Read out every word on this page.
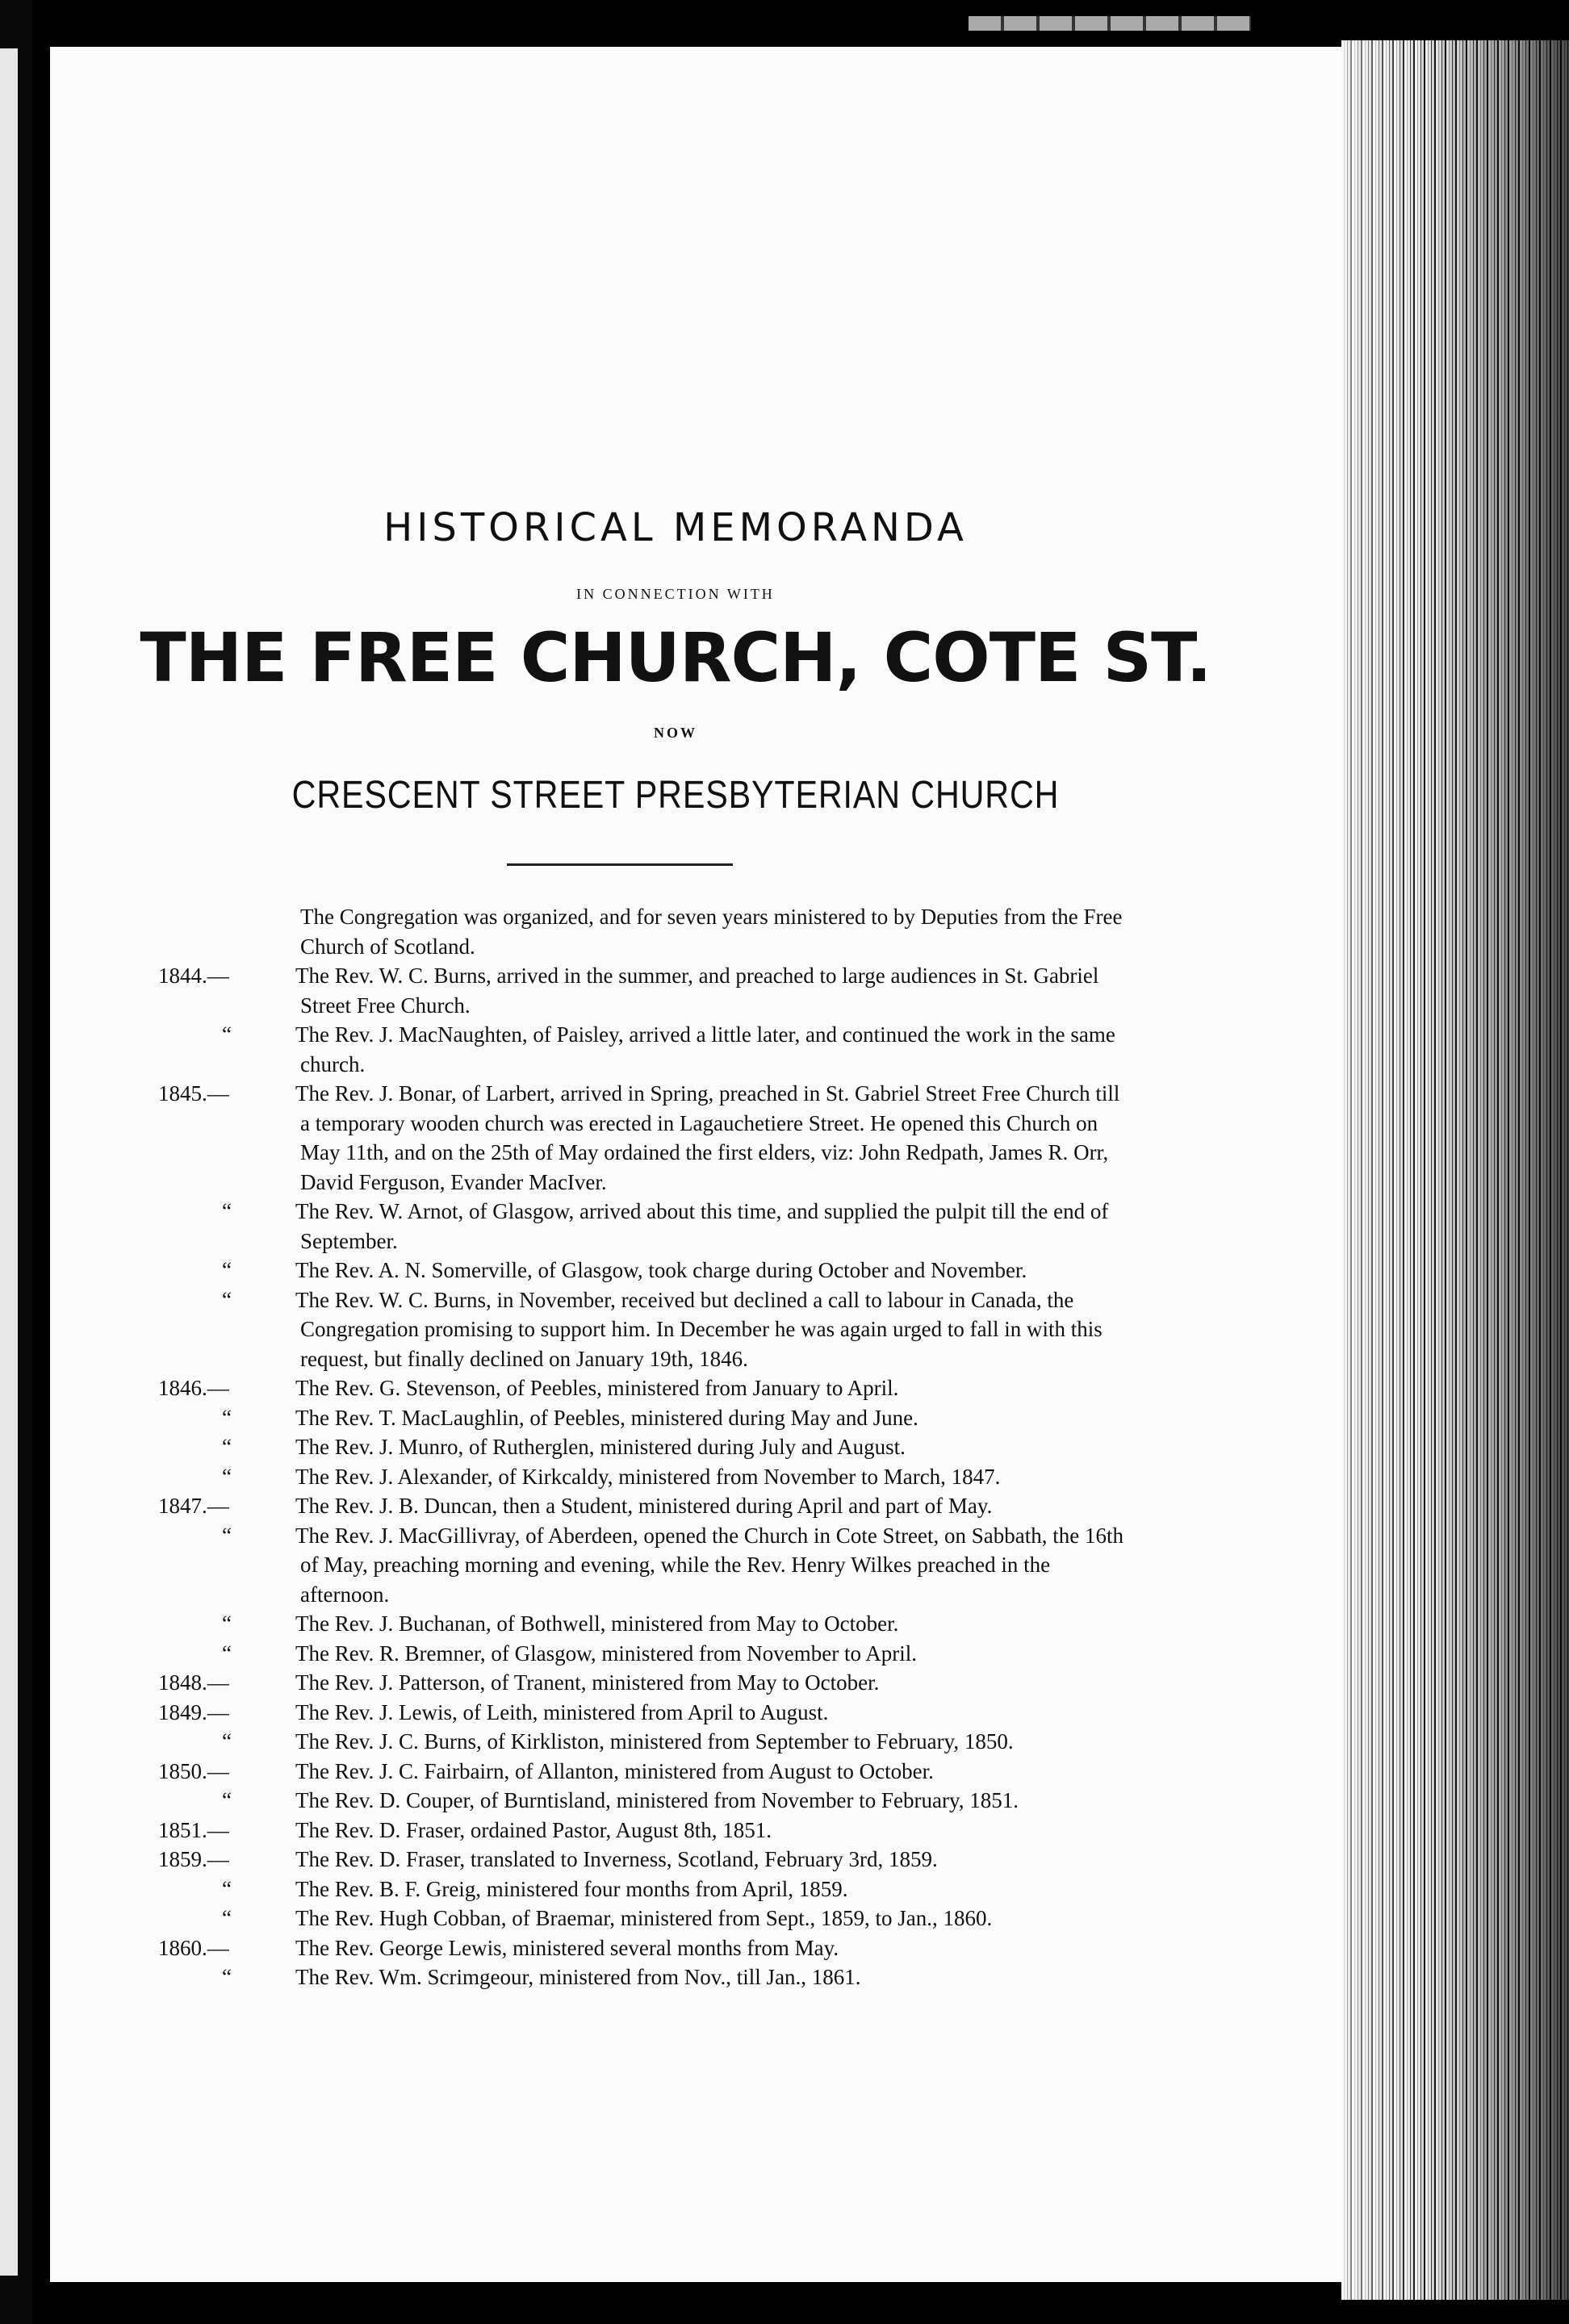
HISTORICAL MEMORANDA
IN CONNECTION WITH
THE FREE CHURCH, COTE ST.
NOW
CRESCENT STREET PRESBYTERIAN CHURCH
The Congregation was organized, and for seven years ministered to by Deputies from the Free Church of Scotland.
1844.—	The Rev. W. C. Burns, arrived in the summer, and preached to large audiences in St. Gabriel Street Free Church.
“	The Rev. J. MacNaughten, of Paisley, arrived a little later, and continued the work in the same church.
1845.—	The Rev. J. Bonar, of Larbert, arrived in Spring, preached in St. Gabriel Street Free Church till a temporary wooden church was erected in Lagauchetiere Street. He opened this Church on May 11th, and on the 25th of May ordained the first elders, viz: John Redpath, James R. Orr, David Ferguson, Evander MacIver.
“	The Rev. W. Arnot, of Glasgow, arrived about this time, and supplied the pulpit till the end of September.
“	The Rev. A. N. Somerville, of Glasgow, took charge during October and November.
“	The Rev. W. C. Burns, in November, received but declined a call to labour in Canada, the Congregation promising to support him. In December he was again urged to fall in with this request, but finally declined on January 19th, 1846.
1846.—	The Rev. G. Stevenson, of Peebles, ministered from January to April.
“	The Rev. T. MacLaughlin, of Peebles, ministered during May and June.
“	The Rev. J. Munro, of Rutherglen, ministered during July and August.
“	The Rev. J. Alexander, of Kirkcaldy, ministered from November to March, 1847.
1847.—	The Rev. J. B. Duncan, then a Student, ministered during April and part of May.
“	The Rev. J. MacGillivray, of Aberdeen, opened the Church in Cote Street, on Sabbath, the 16th of May, preaching morning and evening, while the Rev. Henry Wilkes preached in the afternoon.
“	The Rev. J. Buchanan, of Bothwell, ministered from May to October.
“	The Rev. R. Bremner, of Glasgow, ministered from November to April.
1848.—	The Rev. J. Patterson, of Tranent, ministered from May to October.
1849.—	The Rev. J. Lewis, of Leith, ministered from April to August.
“	The Rev. J. C. Burns, of Kirkliston, ministered from September to February, 1850.
1850.—	The Rev. J. C. Fairbairn, of Allanton, ministered from August to October.
“	The Rev. D. Couper, of Burntisland, ministered from November to February, 1851.
1851.—	The Rev. D. Fraser, ordained Pastor, August 8th, 1851.
1859.—	The Rev. D. Fraser, translated to Inverness, Scotland, February 3rd, 1859.
“	The Rev. B. F. Greig, ministered four months from April, 1859.
“	The Rev. Hugh Cobban, of Braemar, ministered from Sept., 1859, to Jan., 1860.
1860.—	The Rev. George Lewis, ministered several months from May.
“	The Rev. Wm. Scrimgeour, ministered from Nov., till Jan., 1861.
